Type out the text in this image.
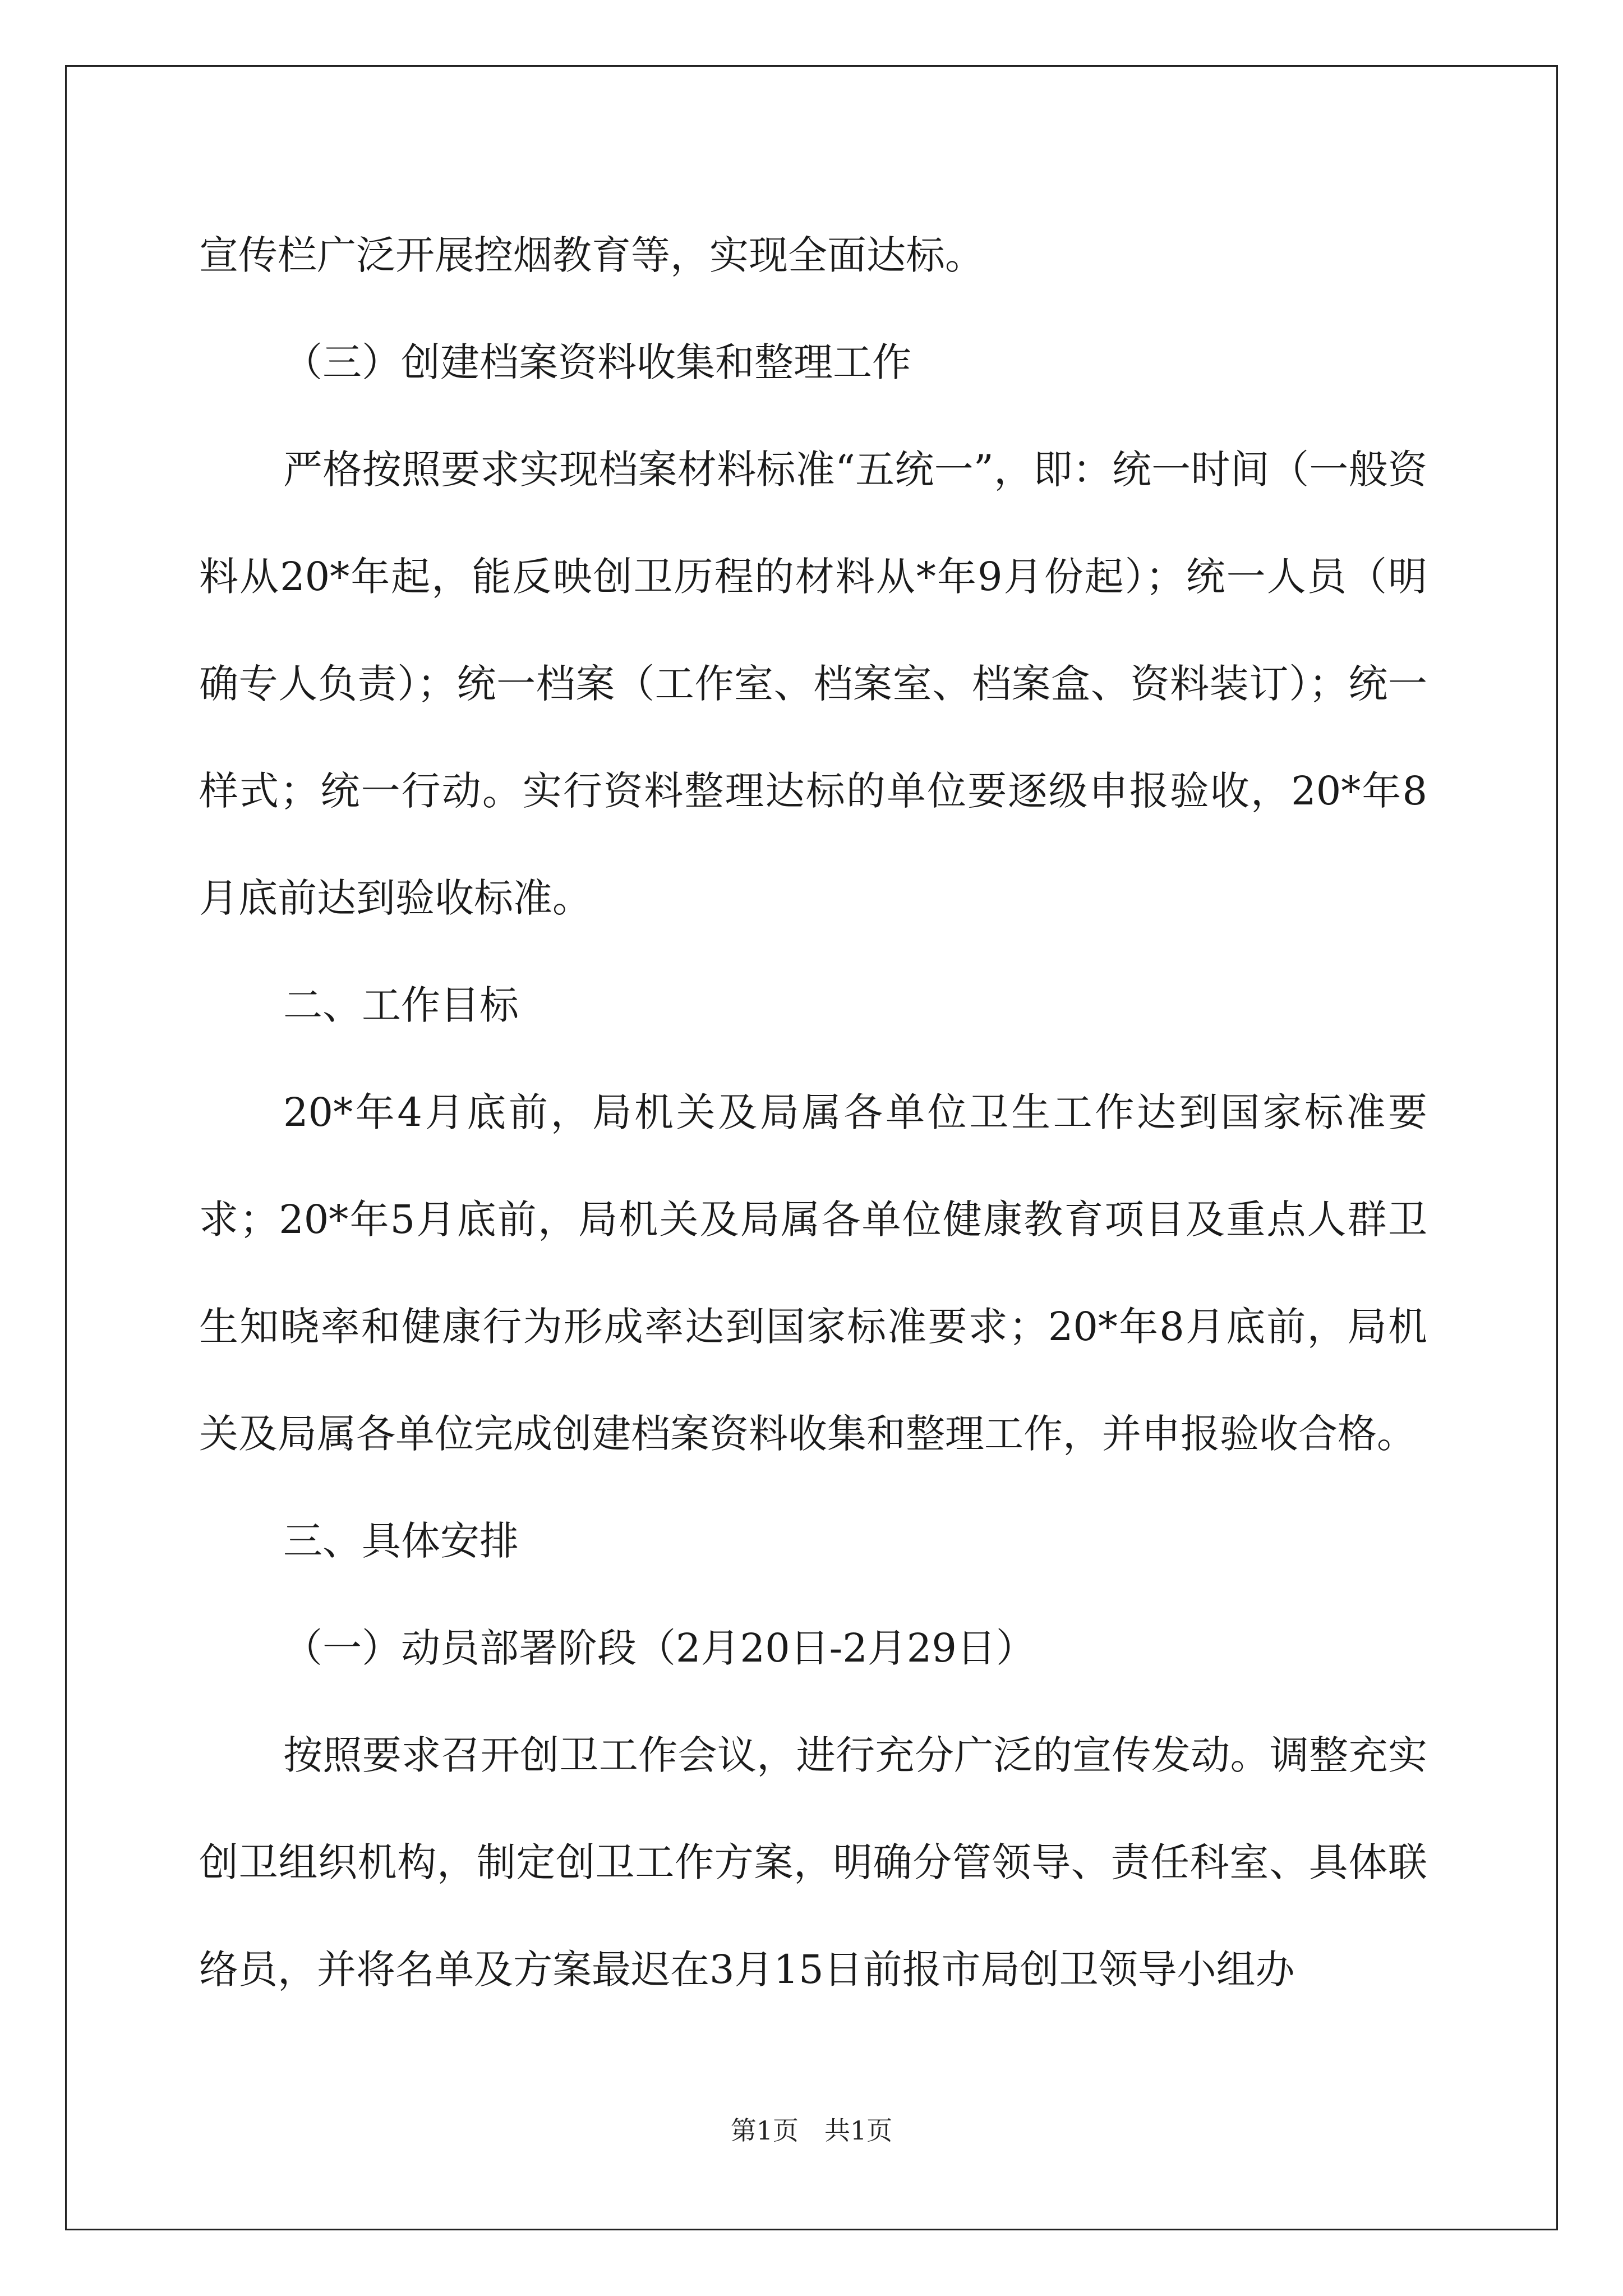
宣传栏广泛开展控烟教育等，实现全面达标。

（三）创建档案资料收集和整理工作

严格按照要求实现档案材料标准“五统一”，即：统一时间（一般资料从20*年起，能反映创卫历程的材料从*年9月份起）；统一人员（明确专人负责）；统一档案（工作室、档案室、档案盒、资料装订）；统一样式；统一行动。实行资料整理达标的单位要逐级申报验收，20*年8月底前达到验收标准。

二、工作目标

20*年4月底前，局机关及局属各单位卫生工作达到国家标准要求；20*年5月底前，局机关及局属各单位健康教育项目及重点人群卫生知晓率和健康行为形成率达到国家标准要求；20*年8月底前，局机关及局属各单位完成创建档案资料收集和整理工作，并申报验收合格。

三、具体安排

（一）动员部署阶段（2月20日-2月29日）

按照要求召开创卫工作会议，进行充分广泛的宣传发动。调整充实创卫组织机构，制定创卫工作方案，明确分管领导、责任科室、具体联络员，并将名单及方案最迟在3月15日前报市局创卫领导小组办

第1页　共1页
